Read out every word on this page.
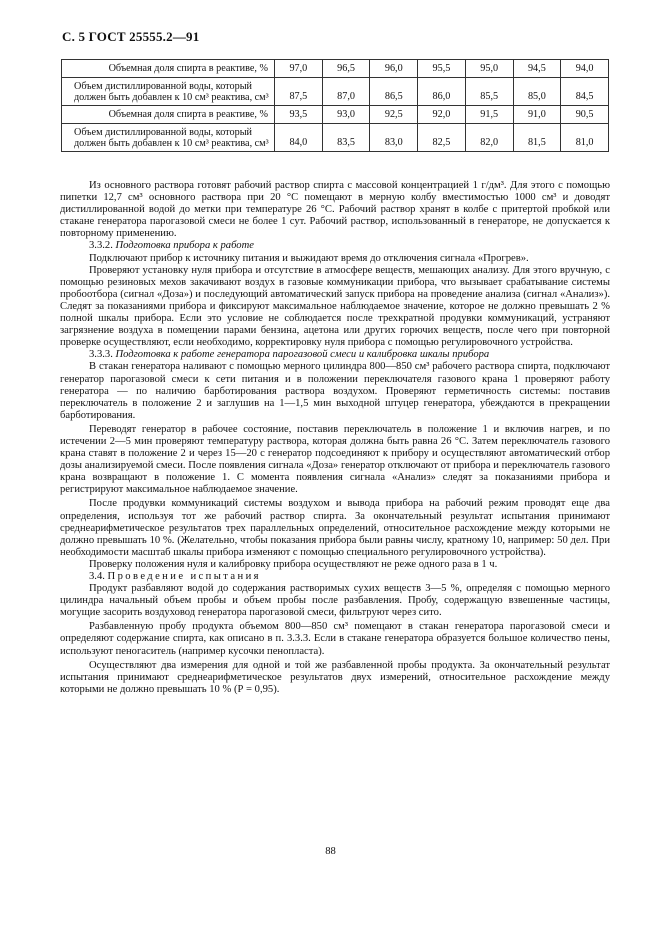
С. 5 ГОСТ 25555.2—91
Объемная доля спирта в реактиве, %	97,0	96,5	96,0	95,5	95,0	94,5	94,0
Объем дистиллированной воды, который должен быть добавлен к 10 см³ реактива, см³	87,5	87,0	86,5	86,0	85,5	85,0	84,5
Объемная доля спирта в реактиве, %	93,5	93,0	92,5	92,0	91,5	91,0	90,5
Объем дистиллированной воды, который должен быть добавлен к 10 см³ реактива, см³	84,0	83,5	83,0	82,5	82,0	81,5	81,0

Из основного раствора готовят рабочий раствор спирта с массовой концентрацией 1 г/дм³. Для этого с помощью пипетки 12,7 см³ основного раствора при 20 °С помещают в мерную колбу вместимостью 1000 см³ и доводят дистиллированной водой до метки при температуре 26 °С. Рабочий раствор хранят в колбе с притертой пробкой или стакане генератора парогазовой смеси не более 1 сут. Рабочий раствор, использованный в генераторе, не допускается к повторному применению.

3.3.2. Подготовка прибора к работе

Подключают прибор к источнику питания и выжидают время до отключения сигнала «Прогрев».

Проверяют установку нуля прибора и отсутствие в атмосфере веществ, мешающих анализу. Для этого вручную, с помощью резиновых мехов закачивают воздух в газовые коммуникации прибора, что вызывает срабатывание системы пробоотбора (сигнал «Доза») и последующий автоматический запуск прибора на проведение анализа (сигнал «Анализ»). Следят за показаниями прибора и фиксируют максимальное наблюдаемое значение, которое не должно превышать 2 % полной шкалы прибора. Если это условие не соблюдается после трехкратной продувки коммуникаций, устраняют загрязнение воздуха в помещении парами бензина, ацетона или других горючих веществ, после чего при повторной проверке осуществляют, если необходимо, корректировку нуля прибора с помощью регулировочного устройства.

3.3.3. Подготовка к работе генератора парогазовой смеси и калибровка шкалы прибора

В стакан генератора наливают с помощью мерного цилиндра 800—850 см³ рабочего раствора спирта, подключают генератор парогазовой смеси к сети питания и в положении переключателя газового крана 1 проверяют работу генератора — по наличию барботирования раствора воздухом. Проверяют герметичность системы: поставив переключатель в положение 2 и заглушив на 1—1,5 мин выходной штуцер генератора, убеждаются в прекращении барботирования.

Переводят генератор в рабочее состояние, поставив переключатель в положение 1 и включив нагрев, и по истечении 2—5 мин проверяют температуру раствора, которая должна быть равна 26 °С. Затем переключатель газового крана ставят в положение 2 и через 15—20 с генератор подсоединяют к прибору и осуществляют автоматический отбор дозы анализируемой смеси. После появления сигнала «Доза» генератор отключают от прибора и переключатель газового крана возвращают в положение 1. С момента появления сигнала «Анализ» следят за показаниями прибора и регистрируют максимальное наблюдаемое значение.

После продувки коммуникаций системы воздухом и вывода прибора на рабочий режим проводят еще два определения, используя тот же рабочий раствор спирта. За окончательный результат испытания принимают среднеарифметическое результатов трех параллельных определений, относительное расхождение между которыми не должно превышать 10 %. (Желательно, чтобы показания прибора были равны числу, кратному 10, например: 50 дел. При необходимости масштаб шкалы прибора изменяют с помощью специального регулировочного устройства).

Проверку положения нуля и калибровку прибора осуществляют не реже одного раза в 1 ч.

3.4. Проведение испытания

Продукт разбавляют водой до содержания растворимых сухих веществ 3—5 %, определяя с помощью мерного цилиндра начальный объем пробы и объем пробы после разбавления. Пробу, содержащую взвешенные частицы, могущие засорить воздуховод генератора парогазовой смеси, фильтруют через сито.

Разбавленную пробу продукта объемом 800—850 см³ помещают в стакан генератора парогазовой смеси и определяют содержание спирта, как описано в п. 3.3.3. Если в стакане генератора образуется большое количество пены, используют пеногаситель (например кусочки пенопласта).

Осуществляют два измерения для одной и той же разбавленной пробы продукта. За окончательный результат испытания принимают среднеарифметическое результатов двух измерений, относительное расхождение между которыми не должно превышать 10 % (Р = 0,95).

88
